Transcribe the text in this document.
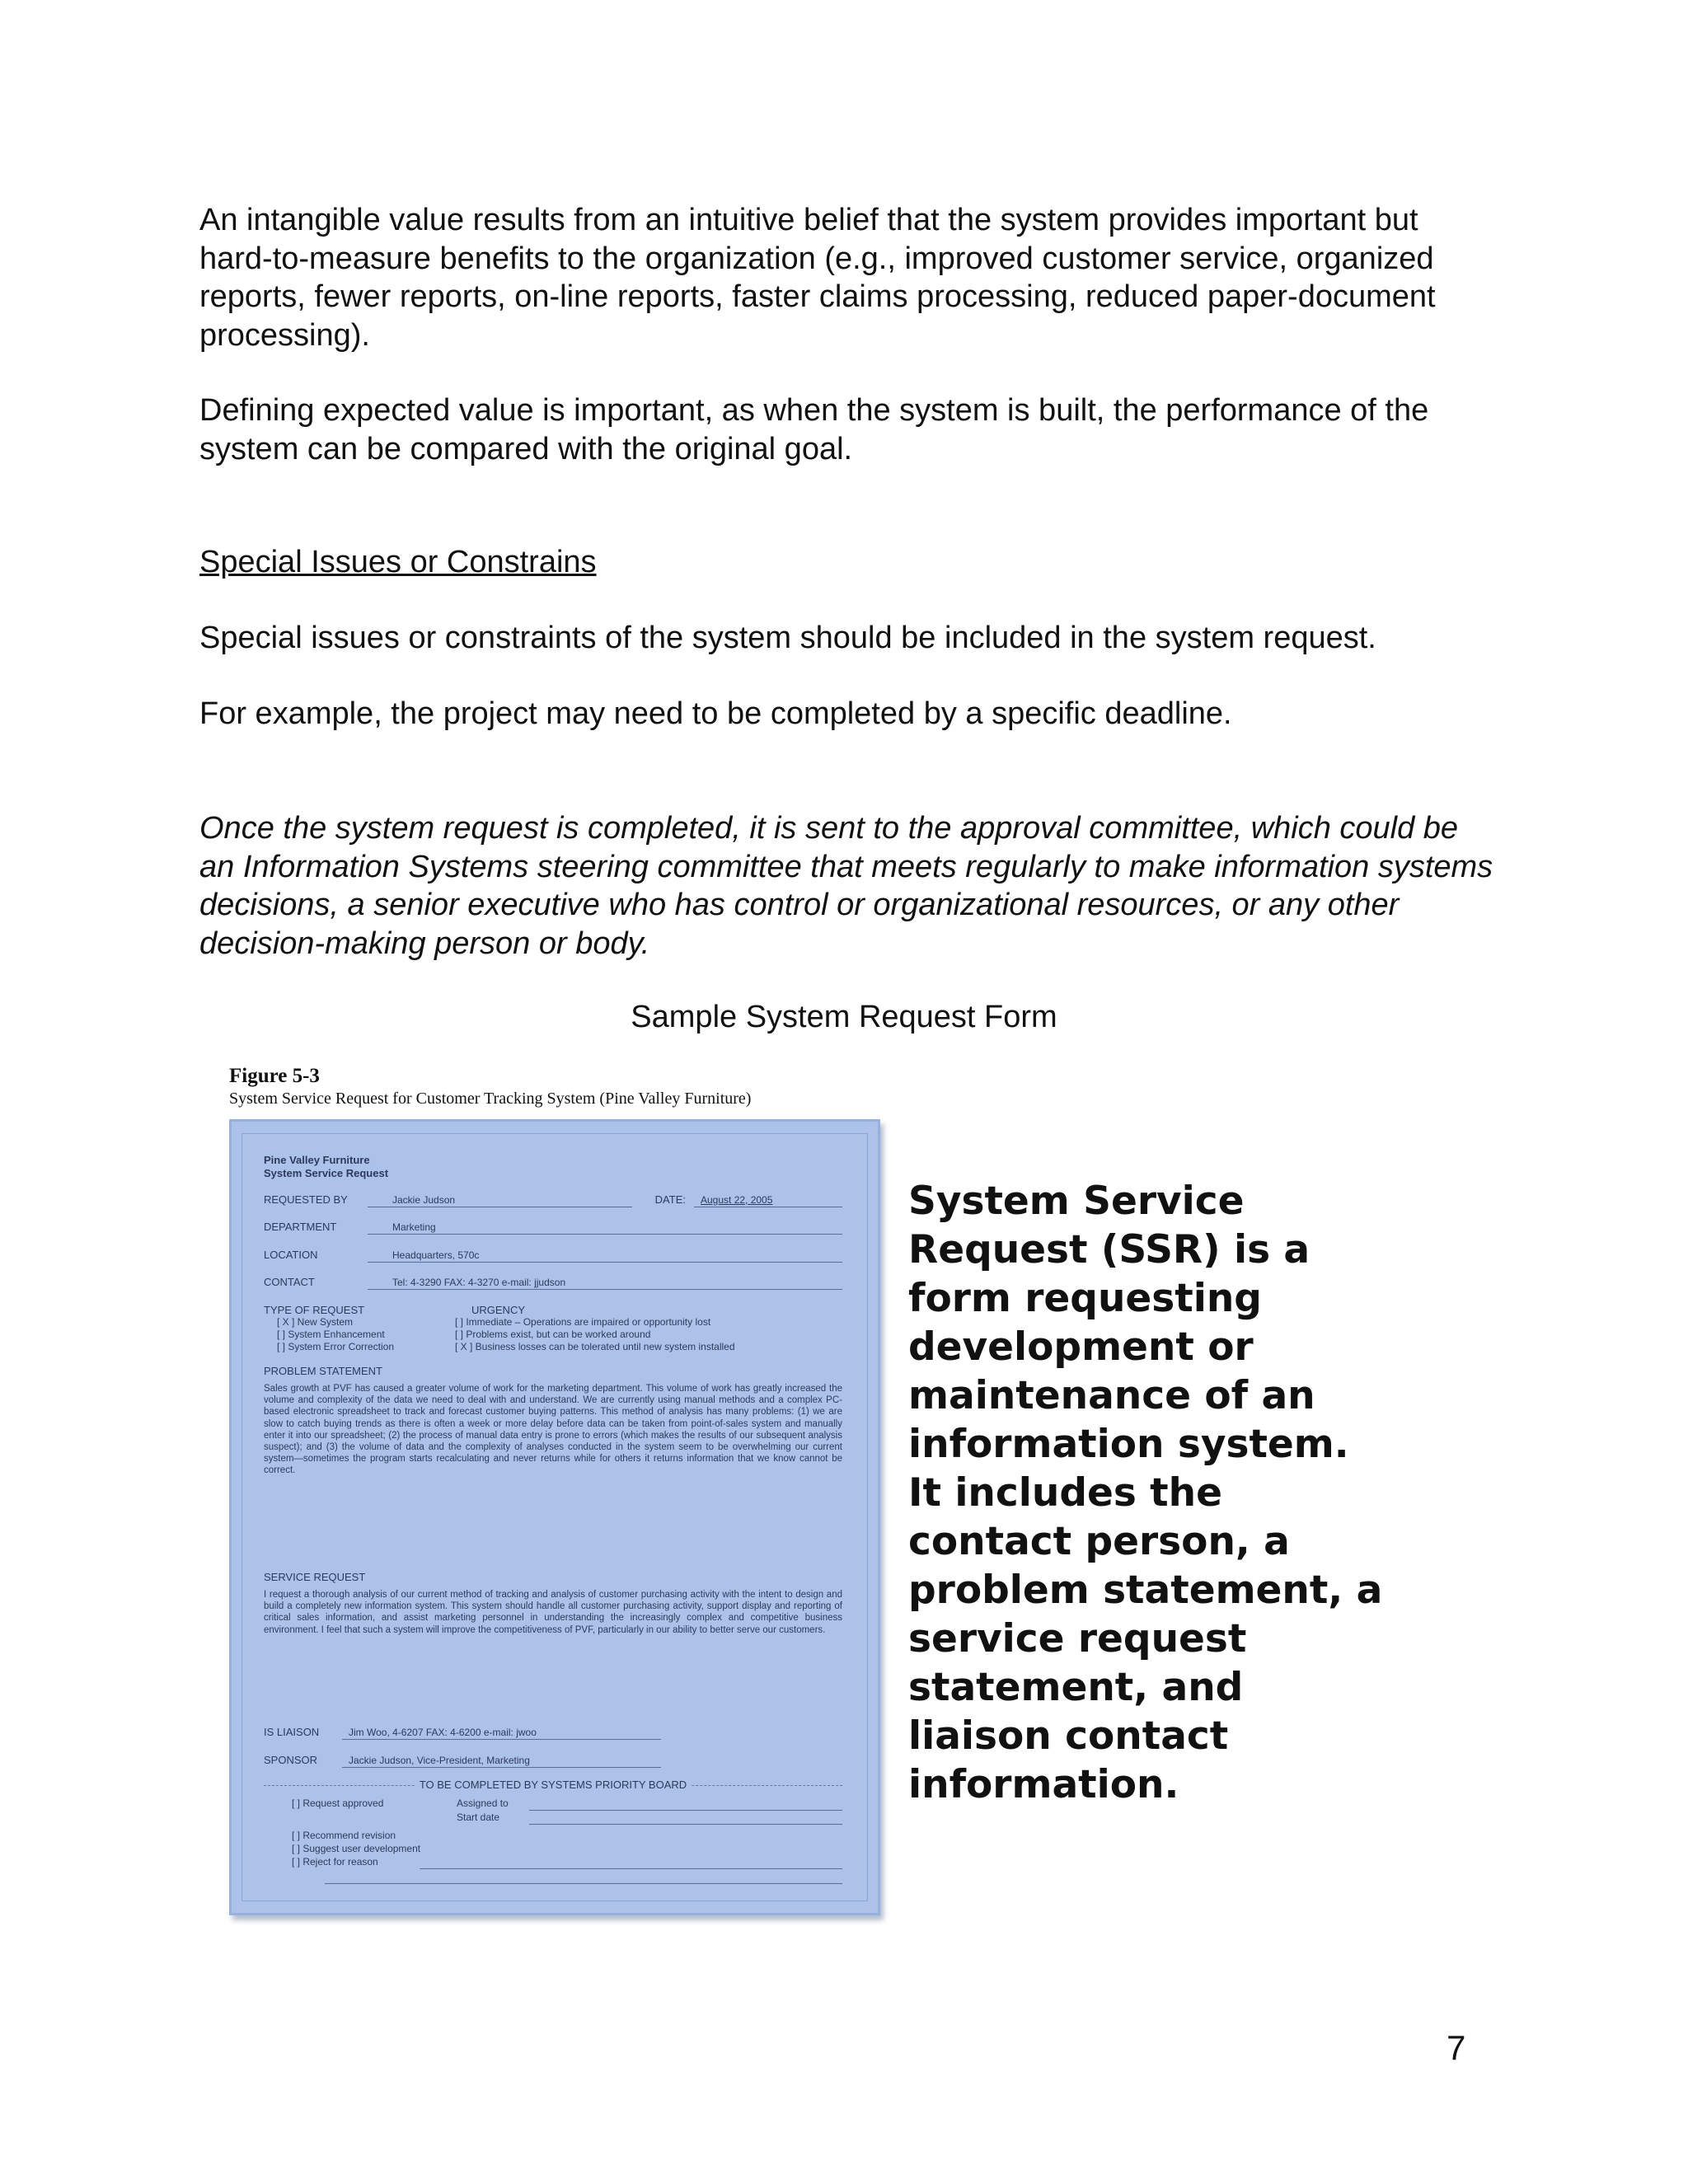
An intangible value results from an intuitive belief that the system provides important but hard-to-measure benefits to the organization (e.g., improved customer service, organized reports, fewer reports, on-line reports, faster claims processing, reduced paper-document processing).

Defining expected value is important, as when the system is built, the performance of the system can be compared with the original goal.

Special Issues or Constrains

Special issues or constraints of the system should be included in the system request.

For example, the project may need to be completed by a specific deadline.

Once the system request is completed, it is sent to the approval committee, which could be an Information Systems steering committee that meets regularly to make information systems decisions, a senior executive who has control or organizational resources, or any other decision-making person or body.

Sample System Request Form

Figure 5-3

System Service Request for Customer Tracking System (Pine Valley Furniture)

Pine Valley Furniture
System Service Request
REQUESTED BY	Jackie Judson	DATE:	August 22, 2005
DEPARTMENT	Marketing
LOCATION	Headquarters, 570c
CONTACT	Tel: 4-3290 FAX: 4-3270 e-mail: jjudson
TYPE OF REQUEST
[ X ] New System
[ ] System Enhancement
[ ] System Error Correction
URGENCY
[ ] Immediate – Operations are impaired or opportunity lost
[ ] Problems exist, but can be worked around
[ X ] Business losses can be tolerated until new system installed
PROBLEM STATEMENT

Sales growth at PVF has caused a greater volume of work for the marketing department. This volume of work has greatly increased the volume and complexity of the data we need to deal with and understand. We are currently using manual methods and a complex PC-based electronic spreadsheet to track and forecast customer buying patterns. This method of analysis has many problems: (1) we are slow to catch buying trends as there is often a week or more delay before data can be taken from point-of-sales system and manually enter it into our spreadsheet; (2) the process of manual data entry is prone to errors (which makes the results of our subsequent analysis suspect); and (3) the volume of data and the complexity of analyses conducted in the system seem to be overwhelming our current system—sometimes the program starts recalculating and never returns while for others it returns information that we know cannot be correct.

SERVICE REQUEST

I request a thorough analysis of our current method of tracking and analysis of customer purchasing activity with the intent to design and build a completely new information system. This system should handle all customer purchasing activity, support display and reporting of critical sales information, and assist marketing personnel in understanding the increasingly complex and competitive business environment. I feel that such a system will improve the competitiveness of PVF, particularly in our ability to better serve our customers.

IS LIAISON	Jim Woo, 4-6207 FAX: 4-6200 e-mail: jwoo
SPONSOR	Jackie Judson, Vice-President, Marketing
TO BE COMPLETED BY SYSTEMS PRIORITY BOARD
[ ] Request approved	Assigned to
Start date
[ ] Recommend revision
[ ] Suggest user development
[ ] Reject for reason

System Service Request (SSR) is a form requesting development or maintenance of an information system. It includes the contact person, a problem statement, a service request statement, and liaison contact information.

7
